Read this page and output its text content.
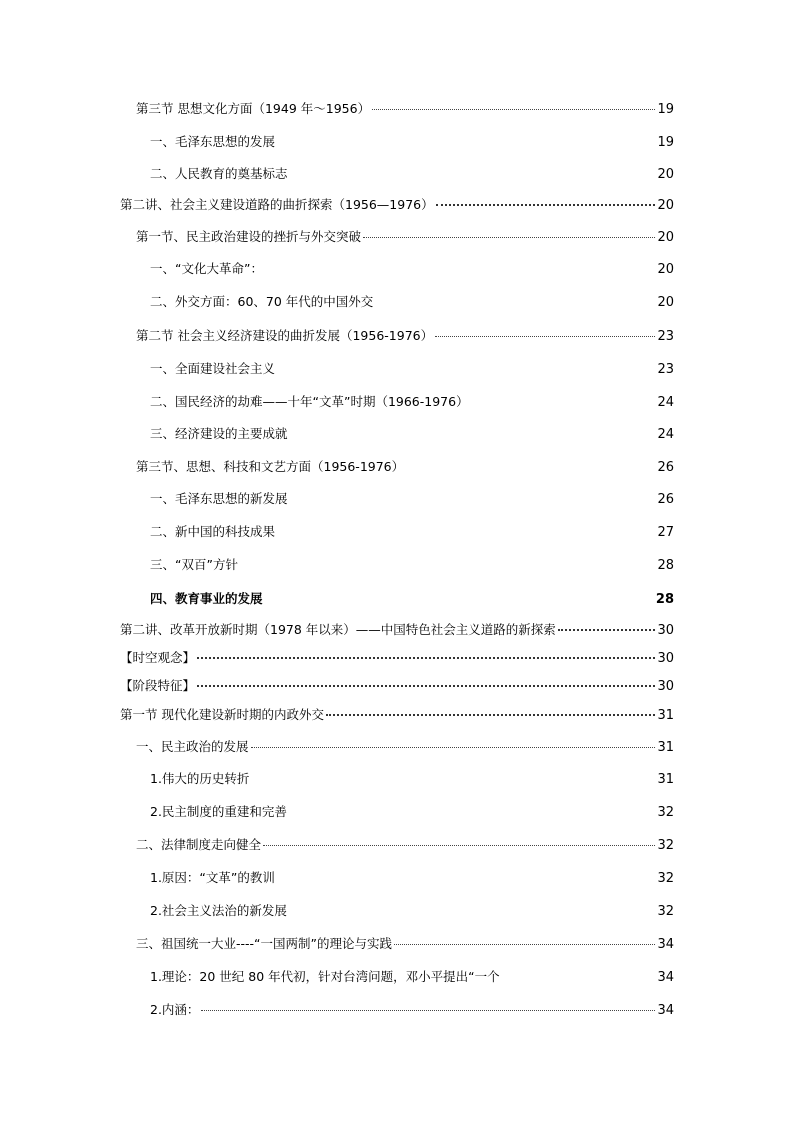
第三节 思想文化方面（1949 年～1956）	19
一、毛泽东思想的发展	19
二、人民教育的奠基标志	20
第二讲、社会主义建设道路的曲折探索（1956—1976）	20
第一节、民主政治建设的挫折与外交突破	20
一、“文化大革命”：	20
二、外交方面：60、70 年代的中国外交	20
第二节 社会主义经济建设的曲折发展（1956-1976）	23
一、全面建设社会主义	23
二、国民经济的劫难——十年“文革”时期（1966-1976）	24
三、经济建设的主要成就	24
第三节、思想、科技和文艺方面（1956-1976）	26
一、毛泽东思想的新发展	26
二、新中国的科技成果	27
三、“双百”方针	28
四、教育事业的发展	28
第二讲、改革开放新时期（1978 年以来）——中国特色社会主义道路的新探索	30
【时空观念】	30
【阶段特征】	30
第一节 现代化建设新时期的内政外交	31
一、民主政治的发展	31
1.伟大的历史转折	31
2.民主制度的重建和完善	32
二、法律制度走向健全	32
1.原因：“文革”的教训	32
2.社会主义法治的新发展	32
三、祖国统一大业----“一国两制”的理论与实践	34
1.理论：20 世纪 80 年代初，针对台湾问题，邓小平提出“一个	34
2.内涵：	34
